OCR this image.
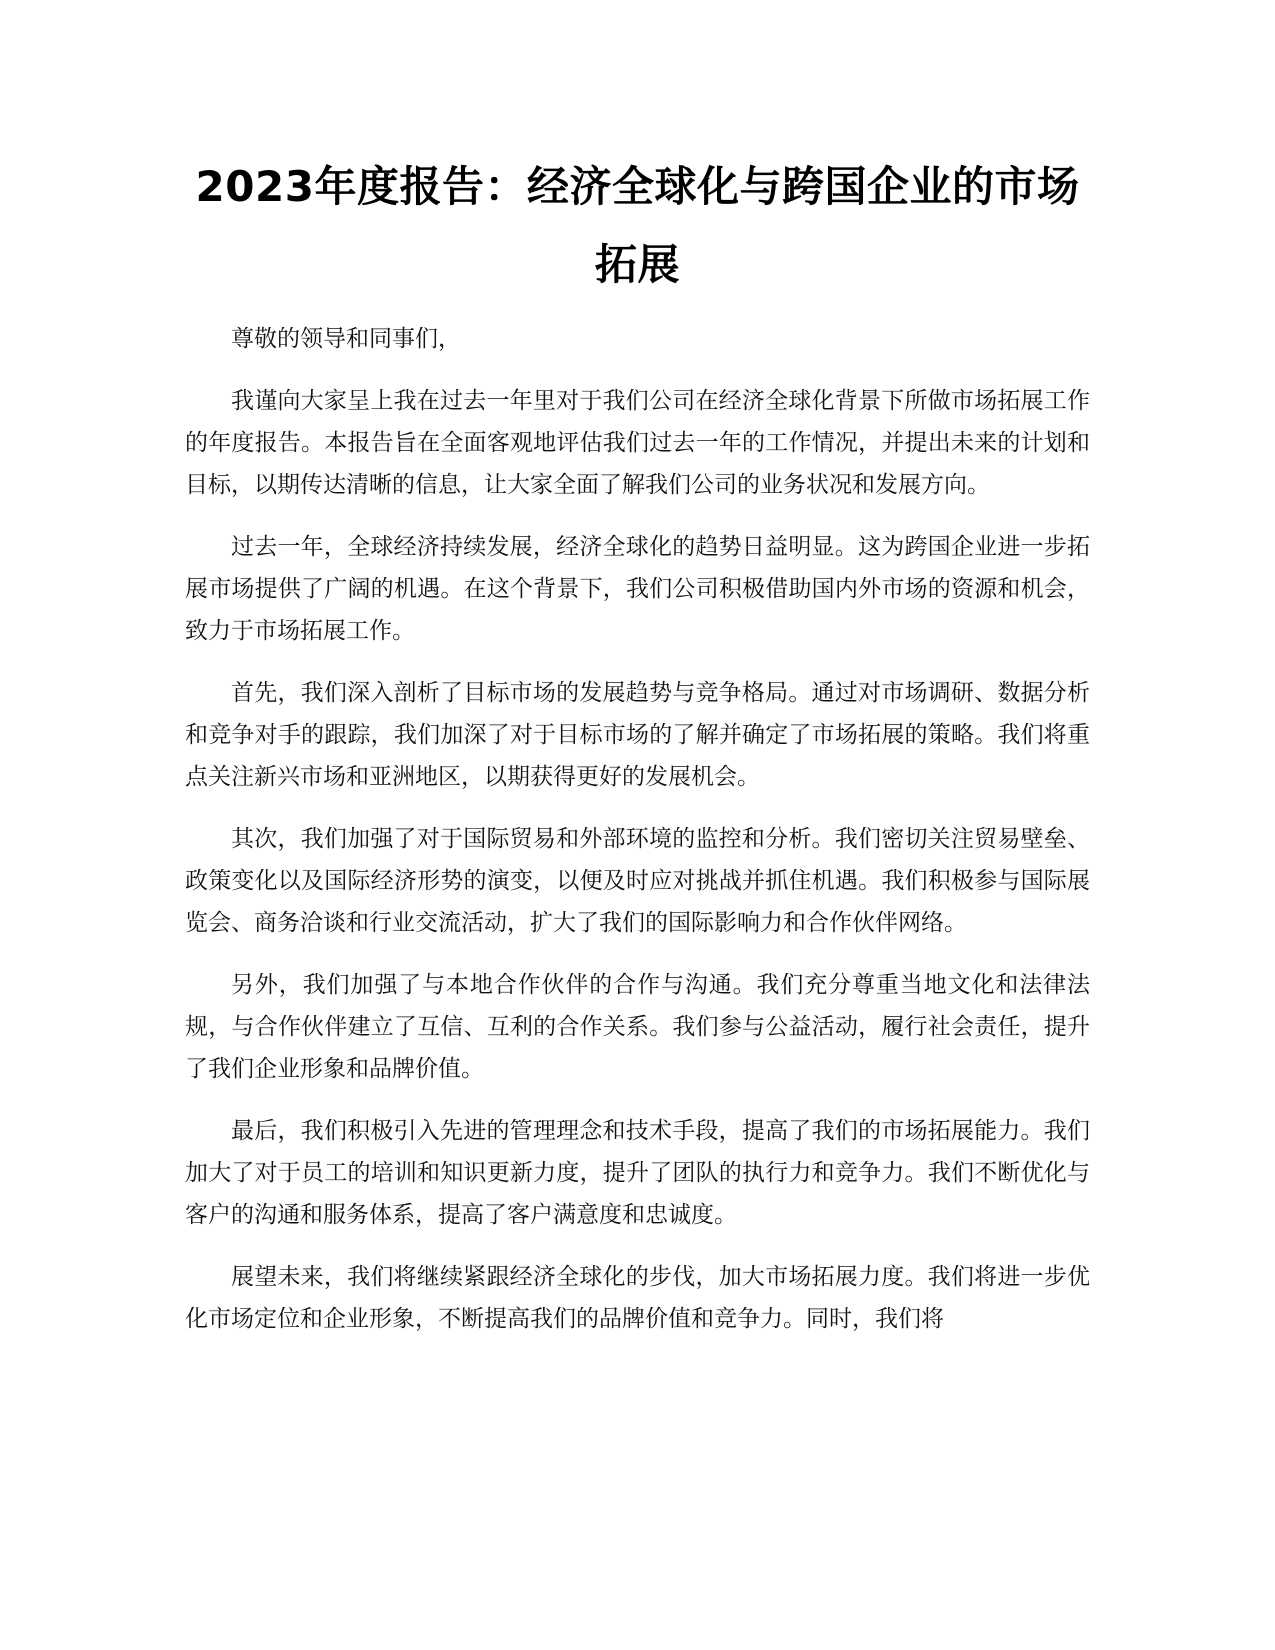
2023年度报告：经济全球化与跨国企业的市场拓展

尊敬的领导和同事们，

我谨向大家呈上我在过去一年里对于我们公司在经济全球化背景下所做市场拓展工作的年度报告。本报告旨在全面客观地评估我们过去一年的工作情况，并提出未来的计划和目标，以期传达清晰的信息，让大家全面了解我们公司的业务状况和发展方向。

过去一年，全球经济持续发展，经济全球化的趋势日益明显。这为跨国企业进一步拓展市场提供了广阔的机遇。在这个背景下，我们公司积极借助国内外市场的资源和机会，致力于市场拓展工作。

首先，我们深入剖析了目标市场的发展趋势与竞争格局。通过对市场调研、数据分析和竞争对手的跟踪，我们加深了对于目标市场的了解并确定了市场拓展的策略。我们将重点关注新兴市场和亚洲地区，以期获得更好的发展机会。

其次，我们加强了对于国际贸易和外部环境的监控和分析。我们密切关注贸易壁垒、政策变化以及国际经济形势的演变，以便及时应对挑战并抓住机遇。我们积极参与国际展览会、商务洽谈和行业交流活动，扩大了我们的国际影响力和合作伙伴网络。

另外，我们加强了与本地合作伙伴的合作与沟通。我们充分尊重当地文化和法律法规，与合作伙伴建立了互信、互利的合作关系。我们参与公益活动，履行社会责任，提升了我们企业形象和品牌价值。

最后，我们积极引入先进的管理理念和技术手段，提高了我们的市场拓展能力。我们加大了对于员工的培训和知识更新力度，提升了团队的执行力和竞争力。我们不断优化与客户的沟通和服务体系，提高了客户满意度和忠诚度。

展望未来，我们将继续紧跟经济全球化的步伐，加大市场拓展力度。我们将进一步优化市场定位和企业形象，不断提高我们的品牌价值和竞争力。同时，我们将
